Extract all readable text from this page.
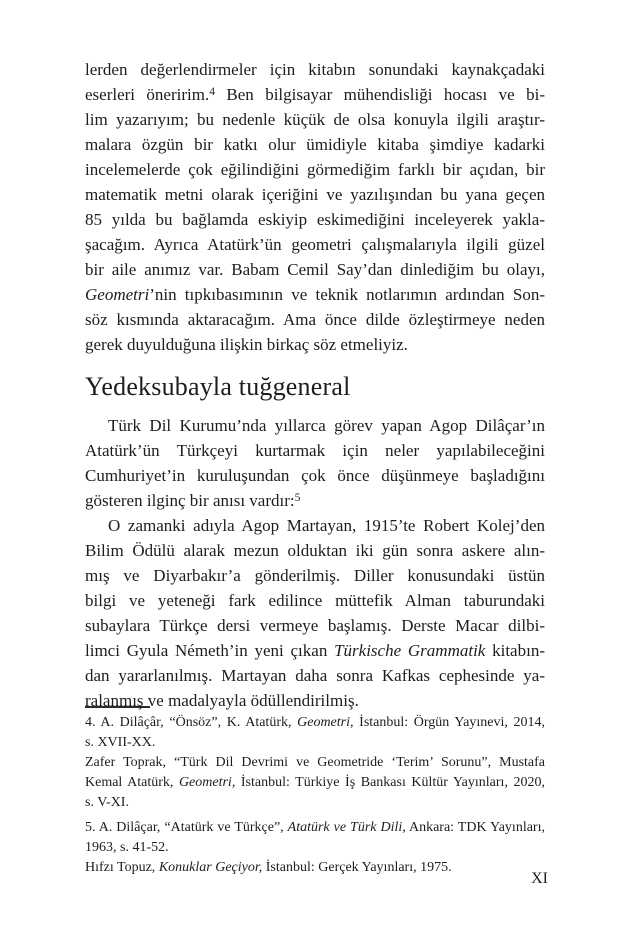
lerden değerlendirmeler için kitabın sonundaki kaynakçadaki
eserleri öneririm.$^4$ Ben bilgisayar mühendisliği hocası ve bi-
lim yazarıyım; bu nedenle küçük de olsa konuyla ilgili araştır-
malara özgün bir katkı olur ümidiyle kitaba şimdiye kadarki
incelemelerde çok eğilindiğini görmediğim farklı bir açıdan, bir
matematik metni olarak içeriğini ve yazılışından bu yana geçen
85 yılda bu bağlamda eskiyip eskimediğini inceleyerek yakla-
şacağım. Ayrıca Atatürk’ün geometri çalışmalarıyla ilgili güzel
bir aile anımız var. Babam Cemil Say’dan dinlediğim bu olayı,
Geometri’nin tıpkıbasımının ve teknik notlarımın ardından Son-
söz kısmında aktaracağım. Ama önce dilde özleştirmeye neden
gerek duyulduğuna ilişkin birkaç söz etmeliyiz.
Yedeksubayla tuğgeneral
Türk Dil Kurumu’nda yıllarca görev yapan Agop Dilâçar’ın
Atatürk’ün Türkçeyi kurtarmak için neler yapılabileceğini
Cumhuriyet’in kuruluşundan çok önce düşünmeye başladığını
gösteren ilginç bir anısı vardır:$^5$
O zamanki adıyla Agop Martayan, 1915’te Robert Kolej’den
Bilim Ödülü alarak mezun olduktan iki gün sonra askere alın-
mış ve Diyarbakır’a gönderilmiş. Diller konusundaki üstün
bilgi ve yeteneği fark edilince müttefik Alman taburundaki
subaylara Türkçe dersi vermeye başlamış. Derste Macar dilbi-
limci Gyula Németh’in yeni çıkan Türkische Grammatik kitabın-
dan yararlanılmış. Martayan daha sonra Kafkas cephesinde ya-
ralanmış ve madalyayla ödüllendirilmiş.
4. A. Dilâçâr, “Önsöz”, K. Atatürk, Geometri, İstanbul: Örgün Yayınevi, 2014,
s. XVII-XX.
Zafer Toprak, “Türk Dil Devrimi ve Geometride ‘Terim’ Sorunu”, Mustafa
Kemal Atatürk, Geometri, İstanbul: Türkiye İş Bankası Kültür Yayınları, 2020,
s. V-XI.
5. A. Dilâçar, “Atatürk ve Türkçe”, Atatürk ve Türk Dili, Ankara: TDK Yayınları,
1963, s. 41-52.
Hıfzı Topuz, Konuklar Geçiyor, İstanbul: Gerçek Yayınları, 1975.
XI
